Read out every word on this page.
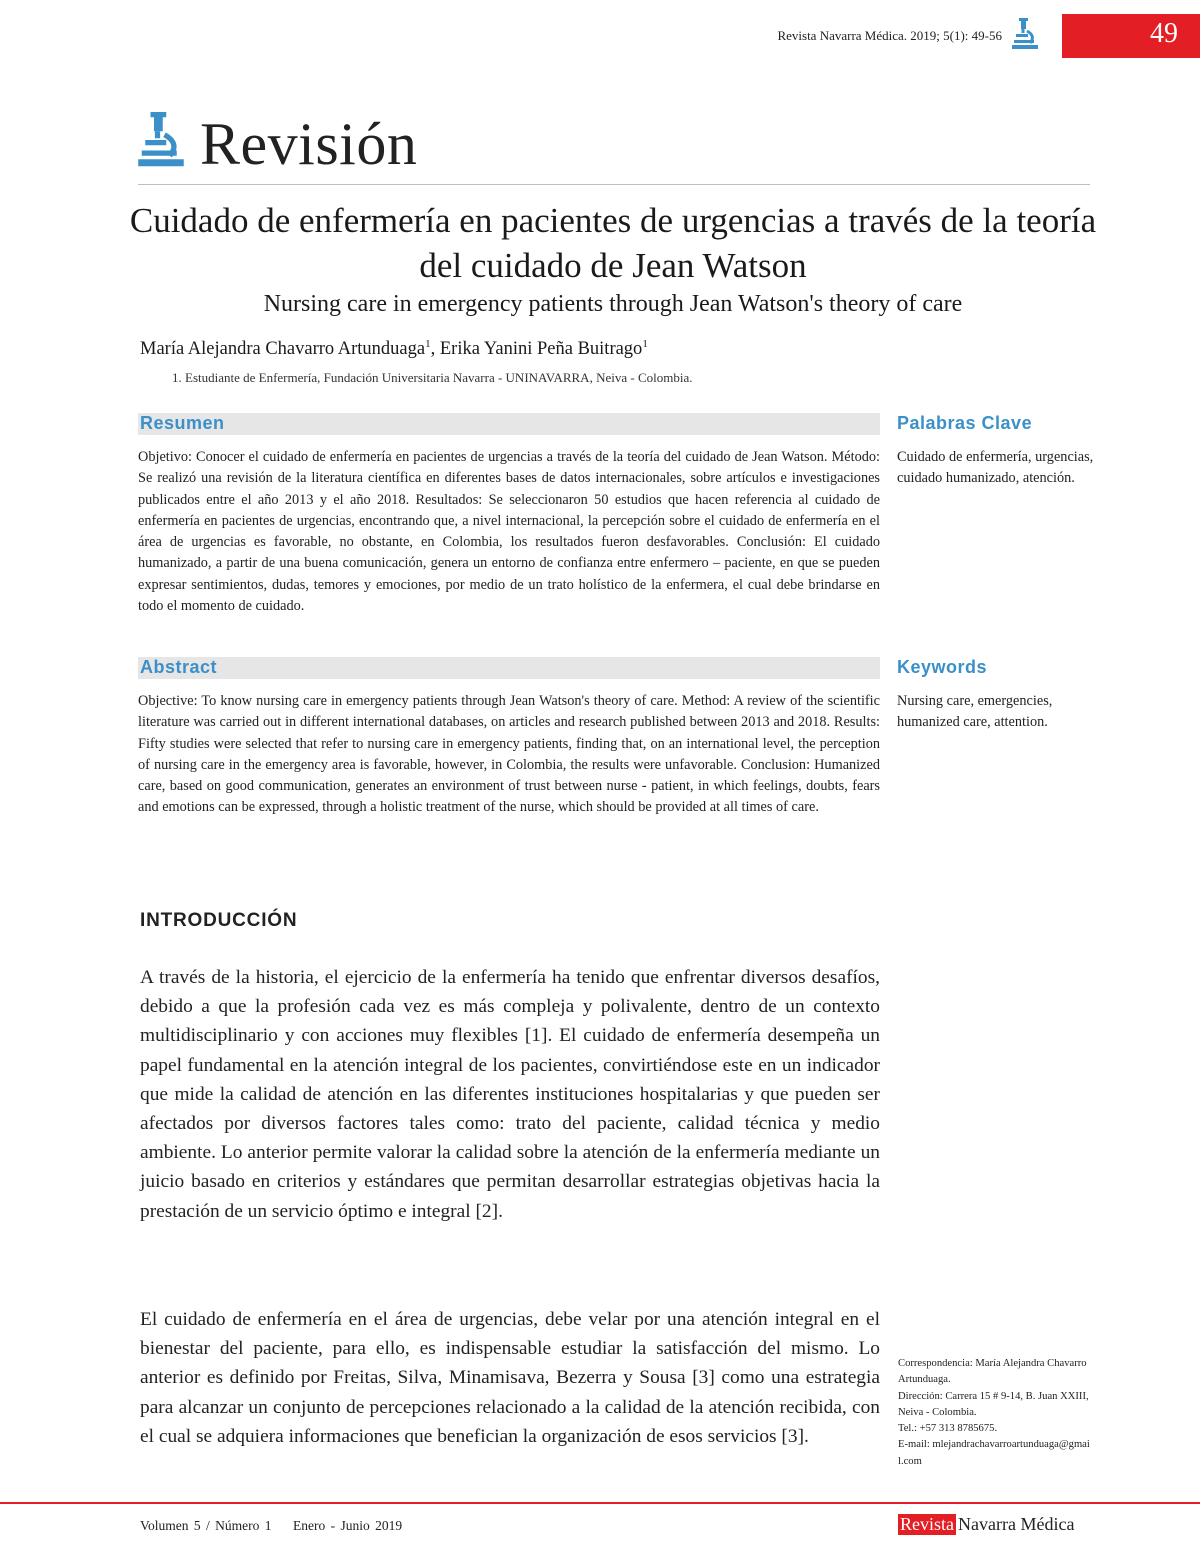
Revista Navarra Médica. 2019; 5(1): 49-56	49
Revisión
Cuidado de enfermería en pacientes de urgencias a través de la teoría del cuidado de Jean Watson
Nursing care in emergency patients through Jean Watson's theory of care
María Alejandra Chavarro Artunduaga$^1$, Erika Yanini Peña Buitrago$^1$
1. Estudiante de Enfermería, Fundación Universitaria Navarra - UNINAVARRA, Neiva - Colombia.
Resumen	Palabras Clave
Objetivo: Conocer el cuidado de enfermería en pacientes de urgencias a través de la teoría del cuidado de Jean Watson. Método: Se realizó una revisión de la literatura científica en diferentes bases de datos internacionales, sobre artículos e investigaciones publicados entre el año 2013 y el año 2018. Resultados: Se seleccionaron 50 estudios que hacen referencia al cuidado de enfermería en pacientes de urgencias, encontrando que, a nivel internacional, la percepción sobre el cuidado de enfermería en el área de urgencias es favorable, no obstante, en Colombia, los resultados fueron desfavorables. Conclusión: El cuidado humanizado, a partir de una buena comunicación, genera un entorno de confianza entre enfermero – paciente, en que se pueden expresar sentimientos, dudas, temores y emociones, por medio de un trato holístico de la enfermera, el cual debe brindarse en todo el momento de cuidado.
Cuidado de enfermería, urgencias, cuidado humanizado, atención.
Abstract	Keywords
Objective: To know nursing care in emergency patients through Jean Watson's theory of care. Method: A review of the scientific literature was carried out in different international databases, on articles and research published between 2013 and 2018. Results: Fifty studies were selected that refer to nursing care in emergency patients, finding that, on an international level, the perception of nursing care in the emergency area is favorable, however, in Colombia, the results were unfavorable. Conclusion: Humanized care, based on good communication, generates an environment of trust between nurse - patient, in which feelings, doubts, fears and emotions can be expressed, through a holistic treatment of the nurse, which should be provided at all times of care.
Nursing care, emergencies, humanized care, attention.
INTRODUCCIÓN
A través de la historia, el ejercicio de la enfermería ha tenido que enfrentar diversos desafíos, debido a que la profesión cada vez es más compleja y polivalente, dentro de un contexto multidisciplinario y con acciones muy flexibles [1]. El cuidado de enfermería desempeña un papel fundamental en la atención integral de los pacientes, convirtiéndose este en un indicador que mide la calidad de atención en las diferentes instituciones hospitalarias y que pueden ser afectados por diversos factores tales como: trato del paciente, calidad técnica y medio ambiente. Lo anterior permite valorar la calidad sobre la atención de la enfermería mediante un juicio basado en criterios y estándares que permitan desarrollar estrategias objetivas hacia la prestación de un servicio óptimo e integral [2].
El cuidado de enfermería en el área de urgencias, debe velar por una atención integral en el bienestar del paciente, para ello, es indispensable estudiar la satisfacción del mismo. Lo anterior es definido por Freitas, Silva, Minamisava, Bezerra y Sousa [3] como una estrategia para alcanzar un conjunto de percepciones relacionado a la calidad de la atención recibida, con el cual se adquiera informaciones que benefician la organización de esos servicios [3].
Correspondencia: María Alejandra Chavarro Artunduaga.
Dirección: Carrera 15 # 9-14, B. Juan XXIII, Neiva - Colombia.
Tel.: +57 313 8785675.
E-mail: mlejandrachavarroartunduaga@gmail.com
Volumen 5 / Número 1    Enero - Junio 2019	Revista Navarra Médica
